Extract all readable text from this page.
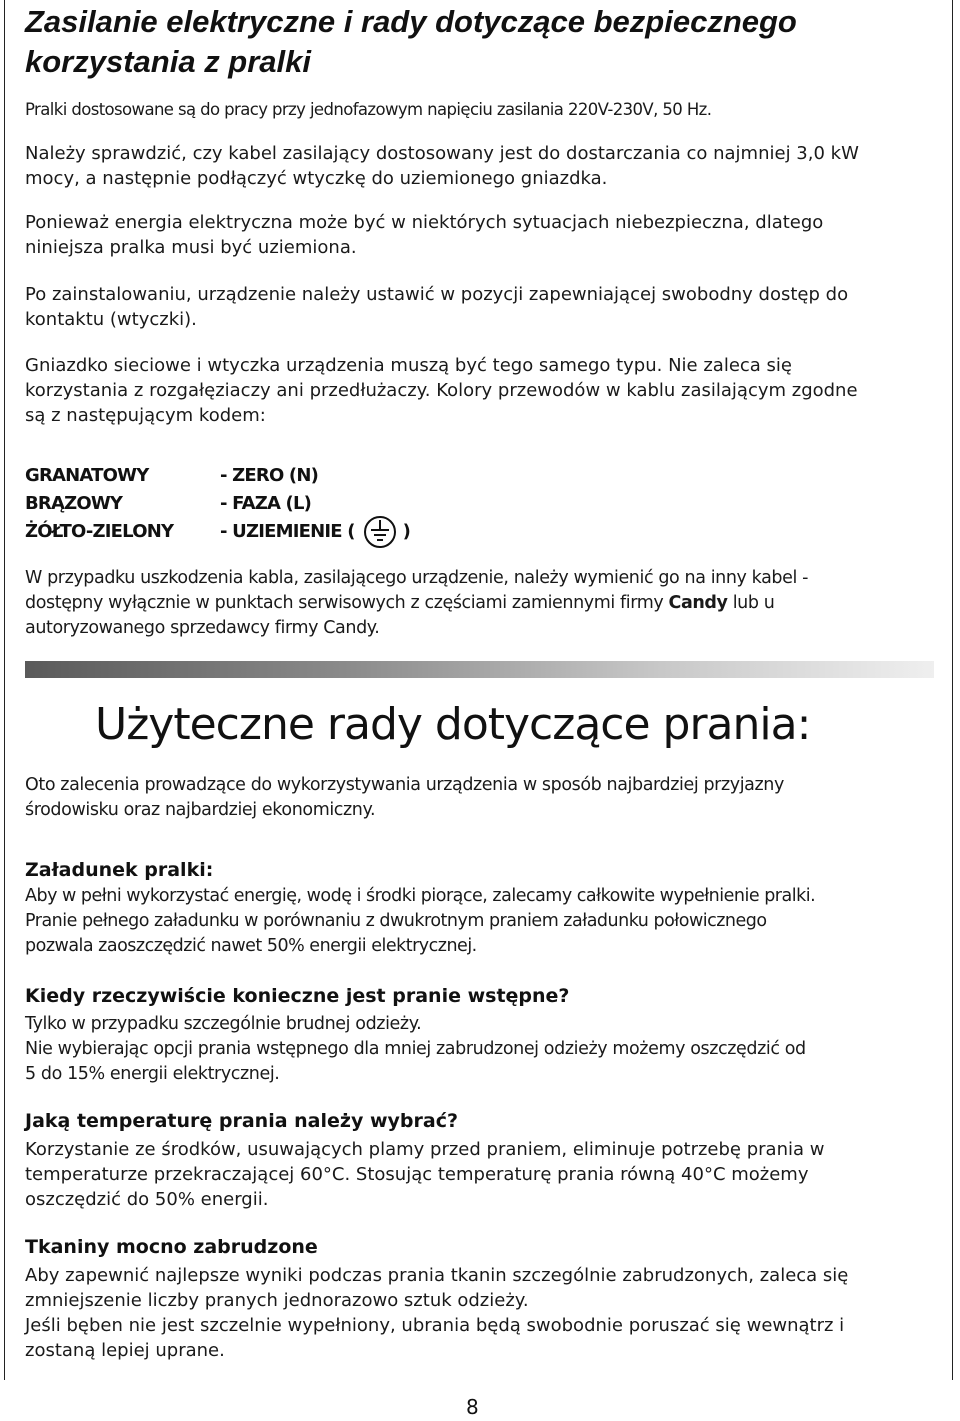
Zasilanie elektryczne i rady dotyczące bezpiecznego
korzystania z pralki
Pralki dostosowane są do pracy przy jednofazowym napięciu zasilania 220V-230V, 50 Hz.
Należy sprawdzić, czy kabel zasilający dostosowany jest do dostarczania co najmniej 3,0 kW
mocy, a następnie podłączyć wtyczkę do uziemionego gniazdka.
Ponieważ energia elektryczna może być w niektórych sytuacjach niebezpieczna, dlatego
niniejsza pralka musi być uziemiona.
Po zainstalowaniu, urządzenie należy ustawić w pozycji zapewniającej swobodny dostęp do
kontaktu (wtyczki).
Gniazdko sieciowe i wtyczka urządzenia muszą być tego samego typu. Nie zaleca się
korzystania z rozgałęziaczy ani przedłużaczy. Kolory przewodów w kablu zasilającym zgodne
są z następującym kodem:
GRANATOWY	- ZERO (N)
BRĄZOWY	- FAZA (L)
ŻÓŁTO-ZIELONY	- UZIEMIENIE (	)
W przypadku uszkodzenia kabla, zasilającego urządzenie, należy wymienić go na inny kabel -
dostępny wyłącznie w punktach serwisowych z częściami zamiennymi firmy Candy lub u
autoryzowanego sprzedawcy firmy Candy.
Użyteczne rady dotyczące prania:
Oto zalecenia prowadzące do wykorzystywania urządzenia w sposób najbardziej przyjazny
środowisku oraz najbardziej ekonomiczny.
Załadunek pralki:
Aby w pełni wykorzystać energię, wodę i środki piorące, zalecamy całkowite wypełnienie pralki.
Pranie pełnego załadunku w porównaniu z dwukrotnym praniem załadunku połowicznego
pozwala zaoszczędzić nawet 50% energii elektrycznej.
Kiedy rzeczywiście konieczne jest pranie wstępne?
Tylko w przypadku szczególnie brudnej odzieży.
Nie wybierając opcji prania wstępnego dla mniej zabrudzonej odzieży możemy oszczędzić od
5 do 15% energii elektrycznej.
Jaką temperaturę prania należy wybrać?
Korzystanie ze środków, usuwających plamy przed praniem, eliminuje potrzebę prania w
temperaturze przekraczającej 60°C. Stosując temperaturę prania równą 40°C możemy
oszczędzić do 50% energii.
Tkaniny mocno zabrudzone
Aby zapewnić najlepsze wyniki podczas prania tkanin szczególnie zabrudzonych, zaleca się
zmniejszenie liczby pranych jednorazowo sztuk odzieży.
Jeśli bęben nie jest szczelnie wypełniony, ubrania będą swobodnie poruszać się wewnątrz i
zostaną lepiej uprane.
8
